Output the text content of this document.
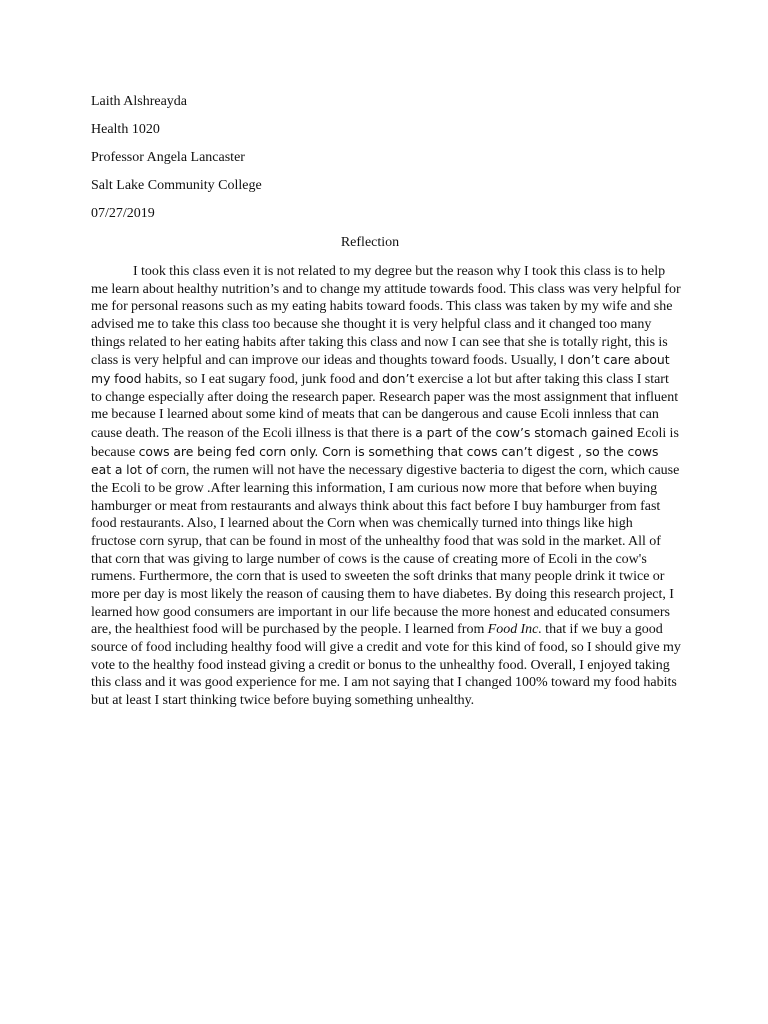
Laith Alshreayda
Health 1020
Professor Angela Lancaster
Salt Lake Community College
07/27/2019
Reflection

I took this class even it is not related to my degree but the reason why I took this class is to help me learn about healthy nutrition’s and to change my attitude towards food. This class was very helpful for me for personal reasons such as my eating habits toward foods. This class was taken by my wife and she advised me to take this class too because she thought it is very helpful class and it changed too many things related to her eating habits after taking this class and now I can see that she is totally right, this is class is very helpful and can improve our ideas and thoughts toward foods. Usually, I don’t care about my food habits, so I eat sugary food, junk food and don’t exercise a lot but after taking this class I start to change especially after doing the research paper. Research paper was the most assignment that influent me because I learned about some kind of meats that can be dangerous and cause Ecoli innless that can cause death. The reason of the Ecoli illness is that there is a part of the cow’s stomach gained Ecoli is because cows are being fed corn only. Corn is something that cows can’t digest , so the cows eat a lot of corn, the rumen will not have the necessary digestive bacteria to digest the corn, which cause the Ecoli to be grow .After learning this information, I am curious now more that before when buying hamburger or meat from restaurants and always think about this fact before I buy hamburger from fast food restaurants. Also, I learned about the Corn when was chemically turned into things like high fructose corn syrup, that can be found in most of the unhealthy food that was sold in the market. All of that corn that was giving to large number of cows is the cause of creating more of Ecoli in the cow's rumens. Furthermore, the corn that is used to sweeten the soft drinks that many people drink it twice or more per day is most likely the reason of causing them to have diabetes. By doing this research project, I learned how good consumers are important in our life because the more honest and educated consumers are, the healthiest food will be purchased by the people. I learned from Food Inc. that if we buy a good source of food including healthy food will give a credit and vote for this kind of food, so I should give my vote to the healthy food instead giving a credit or bonus to the unhealthy food. Overall, I enjoyed taking this class and it was good experience for me. I am not saying that I changed 100% toward my food habits but at least I start thinking twice before buying something unhealthy.
